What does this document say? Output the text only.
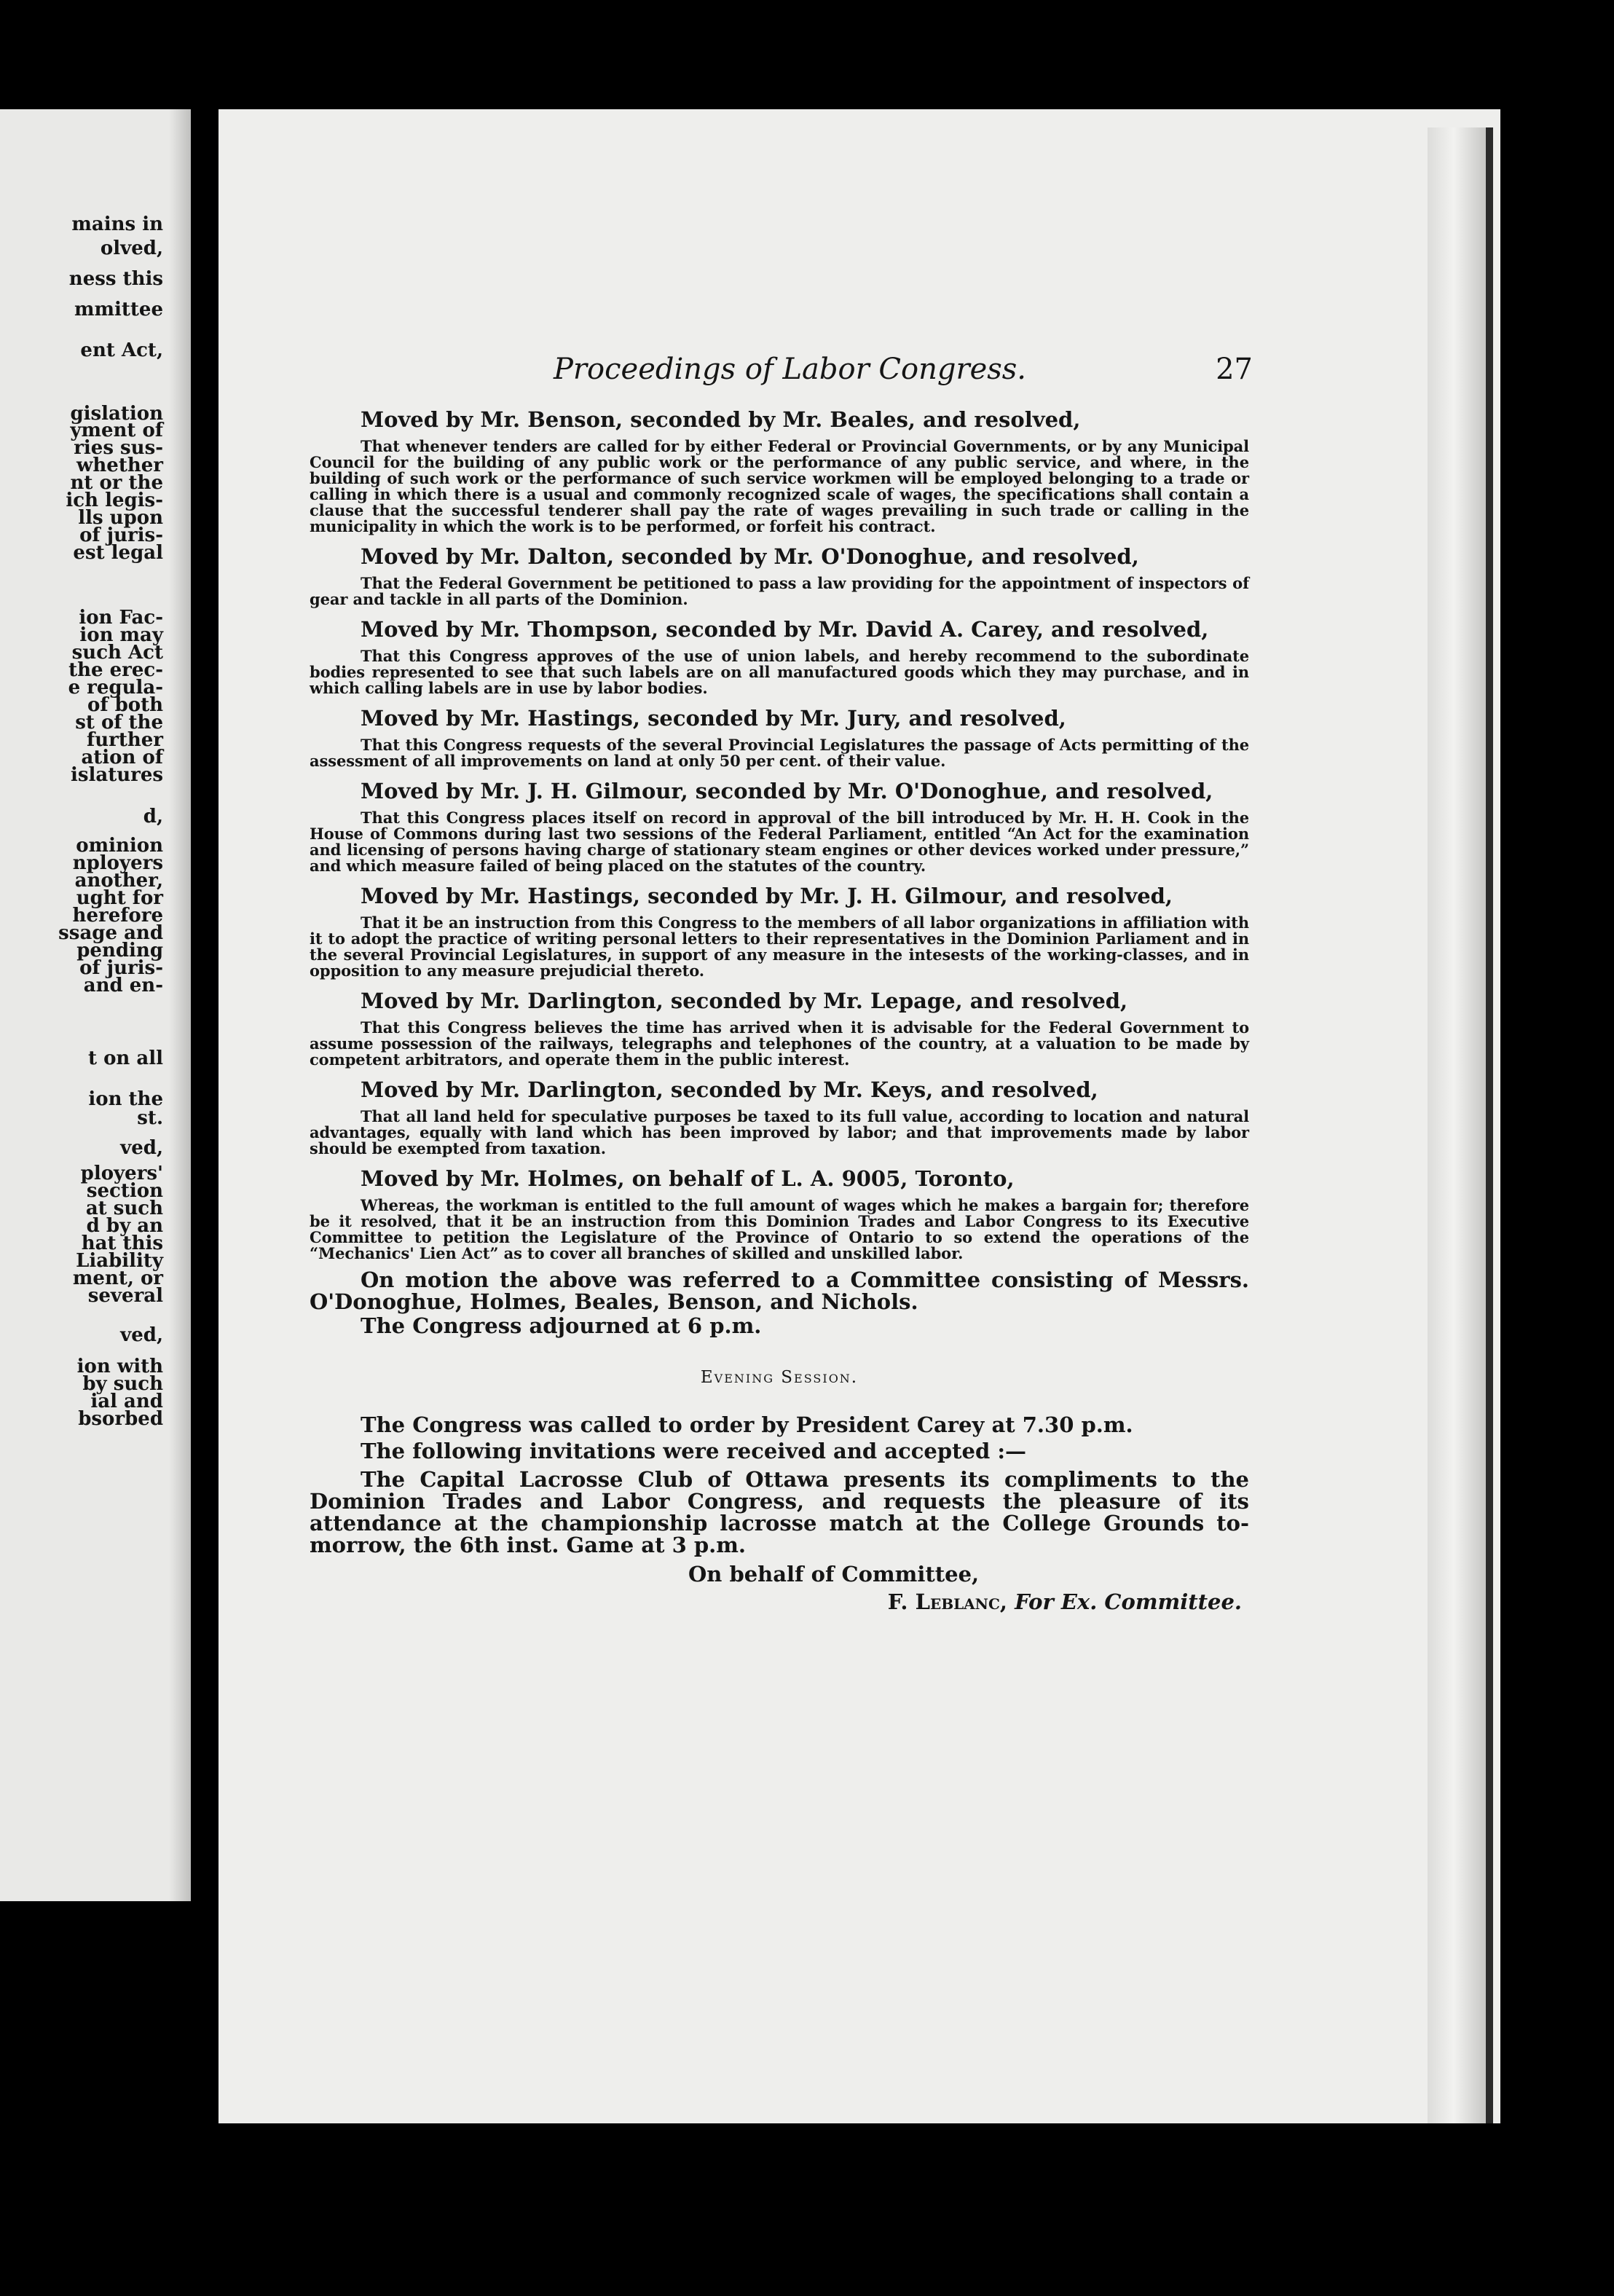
mains in
olved,
ness this
mmittee
ent Act,
gislation
yment of
ries sus-
whether
nt or the
ich legis-
lls upon
of juris-
est legal
ion Fac-
ion may
such Act
the erec-
e regula-
of both
st of the
further
ation of
islatures
d,
ominion
nployers
another,
ught for
herefore
ssage and
pending
of juris-
and en-
t on all
ion the
st.
ved,
ployers'
section
at such
d by an
hat this
Liability
ment, or
several
ved,
ion with
by such
ial and
bsorbed
Proceedings of Labor Congress.	27

Moved by Mr. Benson, seconded by Mr. Beales, and resolved,

That whenever tenders are called for by either Federal or Provincial Governments, or by any Municipal Council for the building of any public work or the performance of any public service, and where, in the building of such work or the performance of such service workmen will be employed belonging to a trade or calling in which there is a usual and commonly recognized scale of wages, the specifications shall contain a clause that the successful tenderer shall pay the rate of wages prevailing in such trade or calling in the municipality in which the work is to be performed, or forfeit his contract.

Moved by Mr. Dalton, seconded by Mr. O'Donoghue, and resolved,

That the Federal Government be petitioned to pass a law providing for the appointment of inspectors of gear and tackle in all parts of the Dominion.

Moved by Mr. Thompson, seconded by Mr. David A. Carey, and resolved,

That this Congress approves of the use of union labels, and hereby recommend to the subordinate bodies represented to see that such labels are on all manufactured goods which they may purchase, and in which calling labels are in use by labor bodies.

Moved by Mr. Hastings, seconded by Mr. Jury, and resolved,

That this Congress requests of the several Provincial Legislatures the passage of Acts permitting of the assessment of all improvements on land at only 50 per cent. of their value.

Moved by Mr. J. H. Gilmour, seconded by Mr. O'Donoghue, and resolved,

That this Congress places itself on record in approval of the bill introduced by Mr. H. H. Cook in the House of Commons during last two sessions of the Federal Parliament, entitled “An Act for the examination and licensing of persons having charge of stationary steam engines or other devices worked under pressure,” and which measure failed of being placed on the statutes of the country.

Moved by Mr. Hastings, seconded by Mr. J. H. Gilmour, and resolved,

That it be an instruction from this Congress to the members of all labor organizations in affiliation with it to adopt the practice of writing personal letters to their representatives in the Dominion Parliament and in the several Provincial Legislatures, in support of any measure in the intesests of the working-classes, and in opposition to any measure prejudicial thereto.

Moved by Mr. Darlington, seconded by Mr. Lepage, and resolved,

That this Congress believes the time has arrived when it is advisable for the Federal Government to assume possession of the railways, telegraphs and telephones of the country, at a valuation to be made by competent arbitrators, and operate them in the public interest.

Moved by Mr. Darlington, seconded by Mr. Keys, and resolved,

That all land held for speculative purposes be taxed to its full value, according to location and natural advantages, equally with land which has been improved by labor; and that improvements made by labor should be exempted from taxation.

Moved by Mr. Holmes, on behalf of L. A. 9005, Toronto,

Whereas, the workman is entitled to the full amount of wages which he makes a bargain for; therefore be it resolved, that it be an instruction from this Dominion Trades and Labor Congress to its Executive Committee to petition the Legislature of the Province of Ontario to so extend the operations of the “Mechanics' Lien Act” as to cover all branches of skilled and unskilled labor.

On motion the above was referred to a Committee consisting of Messrs. O'Donoghue, Holmes, Beales, Benson, and Nichols.

The Congress adjourned at 6 p.m.

Evening Session.

The Congress was called to order by President Carey at 7.30 p.m.

The following invitations were received and accepted :—

The Capital Lacrosse Club of Ottawa presents its compliments to the Dominion Trades and Labor Congress, and requests the pleasure of its attendance at the championship lacrosse match at the College Grounds to-morrow, the 6th inst. Game at 3 p.m.

On behalf of Committee,
F. Leblanc, For Ex. Committee.
